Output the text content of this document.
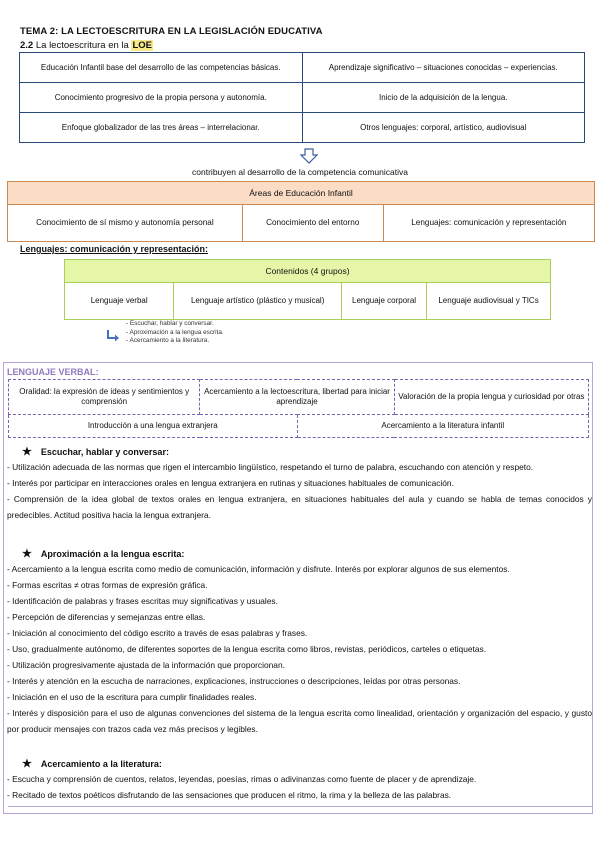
TEMA 2: LA LECTOESCRITURA EN LA LEGISLACIÓN EDUCATIVA
2.2 La lectoescritura en la LOE
Educación Infantil base del desarrollo de las competencias básicas.	Aprendizaje significativo – situaciones conocidas – experiencias.
Conocimiento progresivo de la propia persona y autonomía.	Inicio de la adquisición de la lengua.
Enfoque globalizador de las tres áreas – interrelacionar.	Otros lenguajes: corporal, artístico, audiovisual
contribuyen al desarrollo de la competencia comunicativa
Áreas de Educación Infantil
Conocimiento de sí mismo y autonomía personal	Conocimiento del entorno	Lenguajes: comunicación y representación
Lenguajes: comunicación y representación:
Contenidos (4 grupos)
Lenguaje verbal	Lenguaje artístico (plástico y musical)	Lenguaje corporal	Lenguaje audiovisual y TICs
- Escuchar, hablar y conversar.
- Aproximación a la lengua escrita.
- Acercamiento a la literatura.
LENGUAJE VERBAL:
Oralidad: la expresión de ideas y sentimientos y comprensión	Acercamiento a la lectoescritura, libertad para iniciar aprendizaje		Valoración de la propia lengua y curiosidad por otras
Introducción a una lengua extranjera		Acercamiento a la literatura infantil	
★ Escuchar, hablar y conversar:
- Utilización adecuada de las normas que rigen el intercambio lingüístico, respetando el turno de palabra, escuchando con atención y respeto.
- Interés por participar en interacciones orales en lengua extranjera en rutinas y situaciones habituales de comunicación.
- Comprensión de la idea global de textos orales en lengua extranjera, en situaciones habituales del aula y cuando se habla de temas conocidos y predecibles. Actitud positiva hacia la lengua extranjera.
★ Aproximación a la lengua escrita:
- Acercamiento a la lengua escrita como medio de comunicación, información y disfrute. Interés por explorar algunos de sus elementos.
- Formas escritas ≠ otras formas de expresión gráfica.
- Identificación de palabras y frases escritas muy significativas y usuales.
- Percepción de diferencias y semejanzas entre ellas.
- Iniciación al conocimiento del código escrito a través de esas palabras y frases.
- Uso, gradualmente autónomo, de diferentes soportes de la lengua escrita como libros, revistas, periódicos, carteles o etiquetas.
- Utilización progresivamente ajustada de la información que proporcionan.
- Interés y atención en la escucha de narraciones, explicaciones, instrucciones o descripciones, leídas por otras personas.
- Iniciación en el uso de la escritura para cumplir finalidades reales.
- Interés y disposición para el uso de algunas convenciones del sistema de la lengua escrita como linealidad, orientación y organización del espacio, y gusto por producir mensajes con trazos cada vez más precisos y legibles.
★ Acercamiento a la literatura:
- Escucha y comprensión de cuentos, relatos, leyendas, poesías, rimas o adivinanzas como fuente de placer y de aprendizaje.
- Recitado de textos poéticos disfrutando de las sensaciones que producen el ritmo, la rima y la belleza de las palabras.
